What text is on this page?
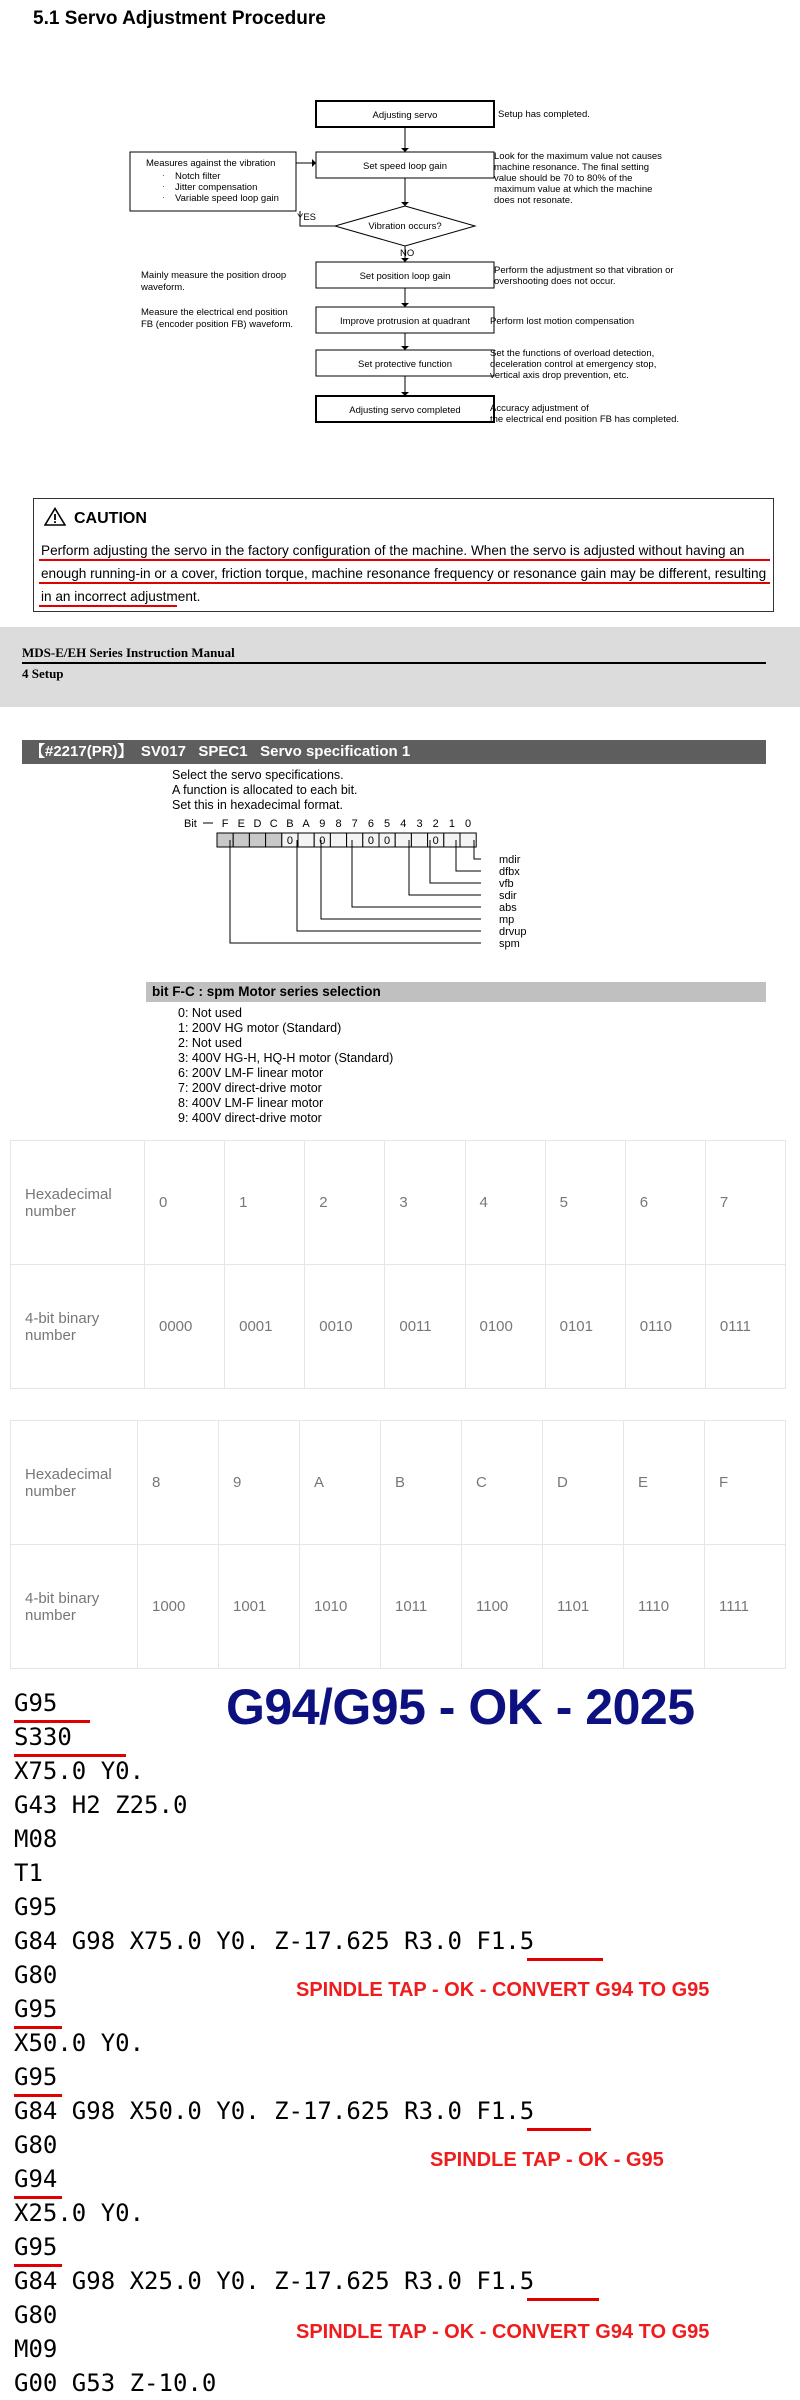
5.1 Servo Adjustment Procedure
Adjusting servo
Set speed loop gain
Vibration occurs?
Set position loop gain
Improve protrusion at quadrant
Set protective function
Adjusting servo completed
YES
NO
Measures against the vibration
· Notch filter
· Jitter compensation
· Variable speed loop gain
Mainly measure the position droop
waveform.
Measure the electrical end position
FB (encoder position FB) waveform.
Setup has completed.
Look for the maximum value not causes
machine resonance. The final setting
value should be 70 to 80% of the
maximum value at which the machine
does not resonate.
Perform the adjustment so that vibration or
overshooting does not occur.
Perform lost motion compensation
Set the functions of overload detection,
deceleration control at emergency stop,
vertical axis drop prevention, etc.
Accuracy adjustment of
the electrical end position FB has completed.
CAUTION
Perform adjusting the servo in the factory configuration of the machine. When the servo is adjusted without having an enough running-in or a cover, friction torque, machine resonance frequency or resonance gain may be different, resulting in an incorrect adjustment.
MDS-E/EH Series Instruction Manual
4 Setup
【#2217(PR)】  SV017   SPEC1   Servo specification 1
Select the servo specifications.
A function is allocated to each bit.
Set this in hexadecimal format.
Bit F E D C B
0
A 9
0
8 7 6
0
5
0
4 3 2
0
1 0
mdir
dfbx
vfb
sdir
abs
mp
drvup
spm
bit F-C : spm Motor series selection
0: Not used
1: 200V HG motor (Standard)
2: Not used
3: 400V HG-H, HQ-H motor (Standard)
6: 200V LM-F linear motor
7: 200V direct-drive motor
8: 400V LM-F linear motor
9: 400V direct-drive motor
Hexadecimal number	0	1	2	3	4	5	6	7
4-bit binary number	0000	0001	0010	0011	0100	0101	0110	0111
Hexadecimal number	8	9	A	B	C	D	E	F
4-bit binary number	1000	1001	1010	1011	1100	1101	1110	1111
G94/G95 - OK - 2025
G95
S330
X75.0 Y0.
G43 H2 Z25.0
M08
T1
G95
G84 G98 X75.0 Y0. Z-17.625 R3.0 F1.5
G80
G95
X50.0 Y0.
G95
G84 G98 X50.0 Y0. Z-17.625 R3.0 F1.5
G80
G94
X25.0 Y0.
G95
G84 G98 X25.0 Y0. Z-17.625 R3.0 F1.5
G80
M09
G00 G53 Z-10.0
SPINDLE TAP - OK - CONVERT G94 TO G95
SPINDLE TAP - OK - G95
SPINDLE TAP - OK - CONVERT G94 TO G95
